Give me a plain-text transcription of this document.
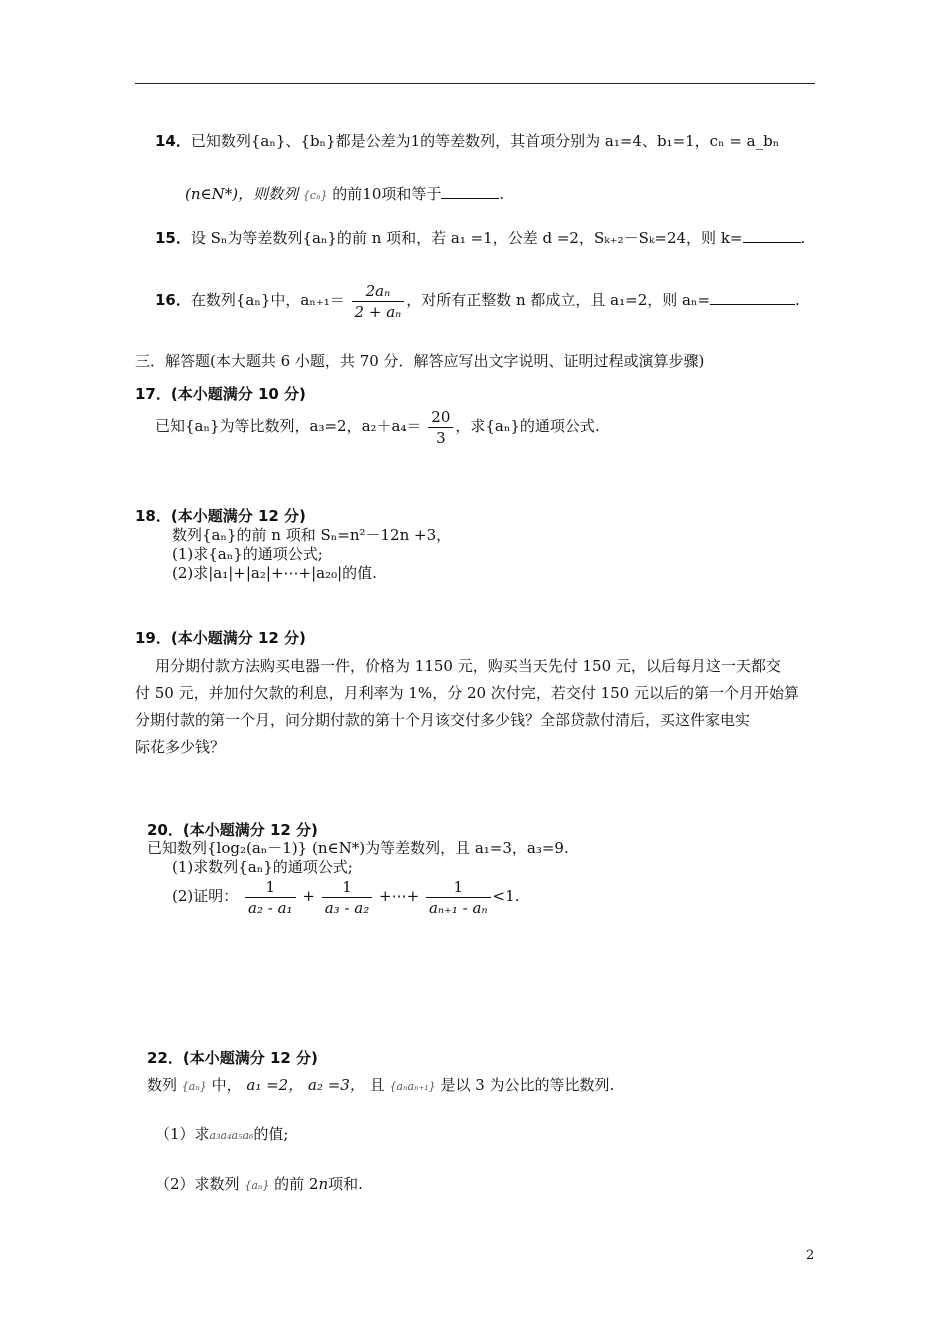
14．已知数列{aₙ}、{bₙ}都是公差为1的等差数列，其首项分别为 a₁=4、b₁=1，cₙ = a_bₙ
(n∈N*)，则数列 {cₙ} 的前10项和等于	.
15．设 Sₙ为等差数列{aₙ}的前 n 项和，若 a₁ =1，公差 d =2，Sₖ₊₂－Sₖ=24，则 k=	.
16．在数列{aₙ}中，$a_{n+1}= \frac{\text{2aₙ}}{\text{2 + aₙ}}$ ，对所有正整数 n 都成立，且 a₁=2，则 aₙ=	.
三．解答题(本大题共 6 小题，共 70 分．解答应写出文字说明、证明过程或演算步骤)
17．(本小题满分 10 分)
已知{aₙ}为等比数列，a₃=2，$a_2+a_4= \frac{20}{3}$ ，求{aₙ}的通项公式.
18．(本小题满分 12 分)
数列{aₙ}的前 n 项和 Sₙ=n²－12n +3，
(1)求{aₙ}的通项公式;
(2)求|a₁|+|a₂|+⋯+|a₂₀|的值.
19．(本小题满分 12 分)
用分期付款方法购买电器一件，价格为 1150 元，购买当天先付 150 元，以后每月这一天都交
付 50 元，并加付欠款的利息，月利率为 1%，分 20 次付完，若交付 150 元以后的第一个月开始算
分期付款的第一个月，问分期付款的第十个月该交付多少钱？全部贷款付清后，买这件家电实
际花多少钱？
20．(本小题满分 12 分)
已知数列{log₂(aₙ－1)} (n∈N*)为等差数列，且 a₁=3，a₃=9.
(1)求数列{aₙ}的通项公式;
(2)证明： $\frac{1}{\text{a₂ - a₁}} + \frac{1}{\text{a₃ - a₂}}$ +⋯+ $\frac{1}{\text{aₙ₊₁ - aₙ}} <1$.
22．(本小题满分 12 分)
数列 {aₙ} 中， a₁ =2， a₂ =3， 且 {aₙaₙ₊₁} 是以 3 为公比的等比数列.
（1）求a₃a₄a₅a₆的值;
（2）求数列 {aₙ} 的前 2n项和.
2
